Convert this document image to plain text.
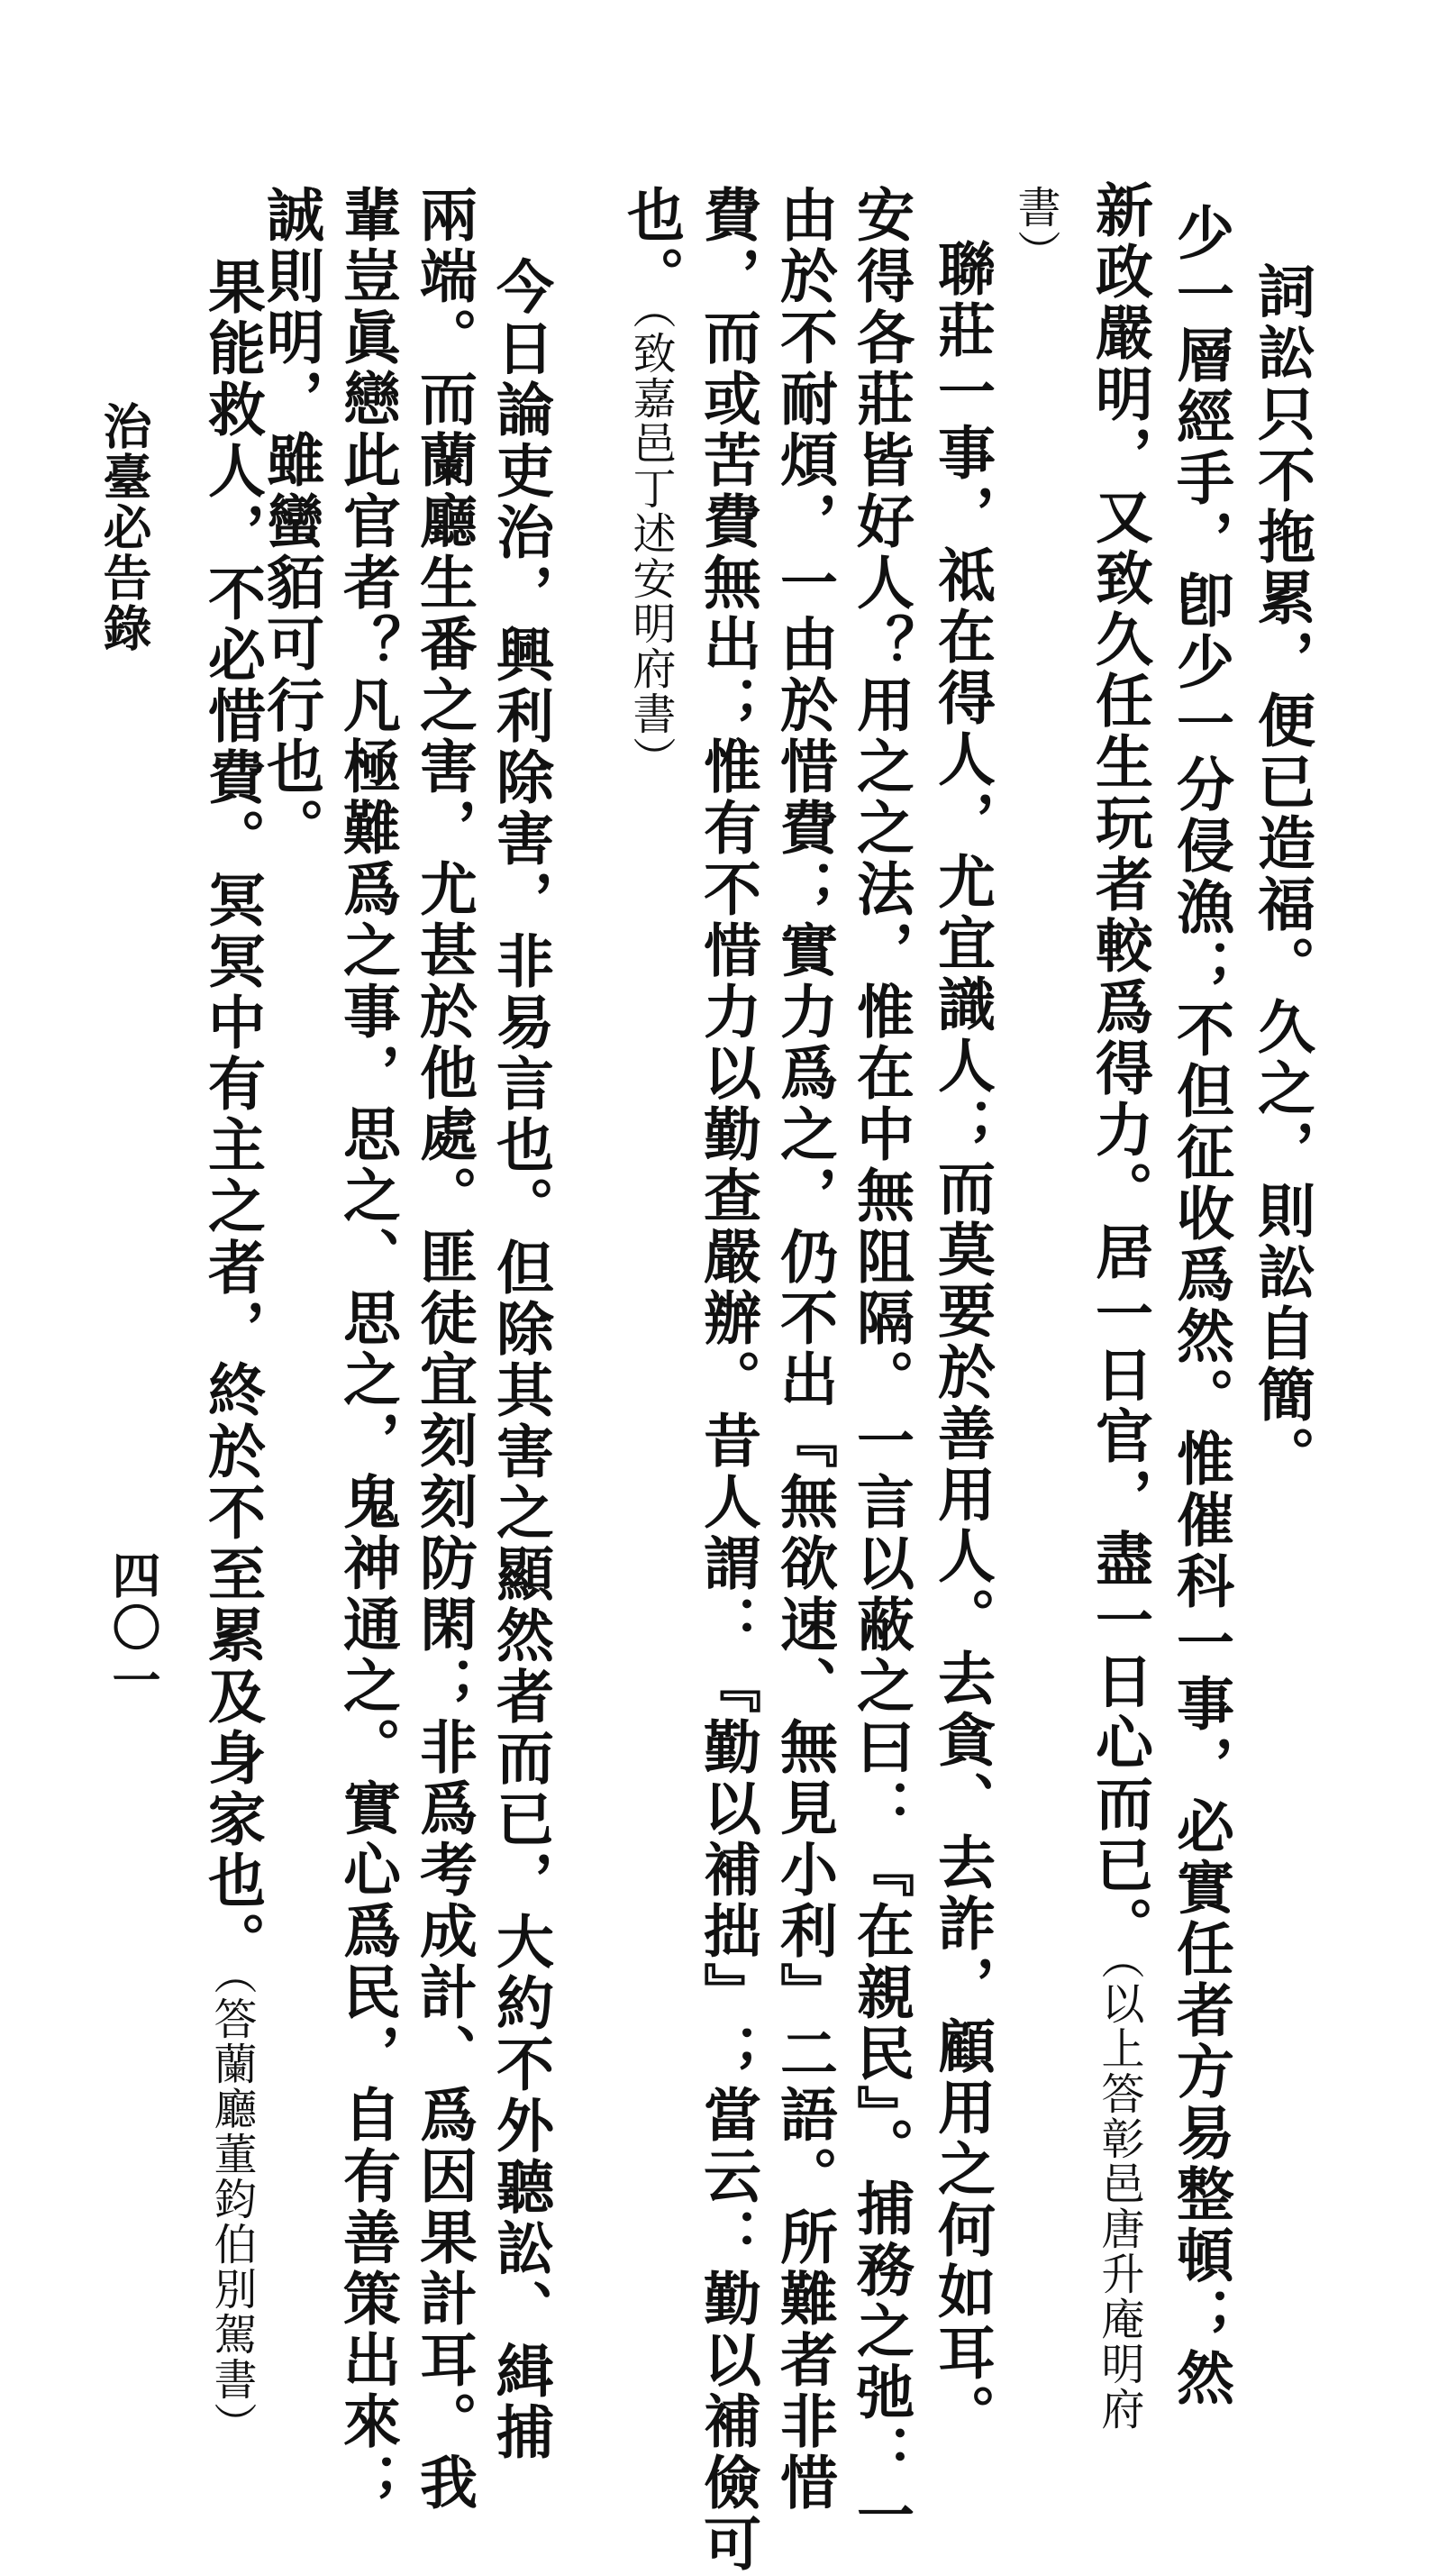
詞訟只不拖累，便已造福。久之，則訟自簡。
少一層經手，卽少一分侵漁；不但征收爲然。惟催科一事，必實任者方易整頓；然
新政嚴明，又致久任生玩者較爲得力。居一日官，盡一日心而已。（以上答彰邑唐升庵明府
書）
聯莊一事，祗在得人，尤宜識人；而莫要於善用人。去貪、去詐，顧用之何如耳。
安得各莊皆好人？用之之法，惟在中無阻隔。一言以蔽之曰：『在親民』。捕務之弛：一
由於不耐煩，一由於惜費；實力爲之，仍不出『無欲速、無見小利』二語。所難者非惜
費，而或苦費無出；惟有不惜力以勤查嚴辦。昔人謂：『勤以補拙』；當云：勤以補儉可
也。（致嘉邑丁述安明府書）
今日論吏治，興利除害，非易言也。但除其害之顯然者而已，大約不外聽訟、緝捕
兩端。而蘭廳生番之害，尤甚於他處。匪徒宜刻刻防閑；非爲考成計、爲因果計耳。我
輩豈眞戀此官者？凡極難爲之事，思之、思之，鬼神通之。實心爲民，自有善策出來；
誠則明，雖蠻貊可行也。
果能救人，不必惜費。冥冥中有主之者，終於不至累及身家也。（答蘭廳董鈞伯別駕書）
治臺必告錄
四〇一
